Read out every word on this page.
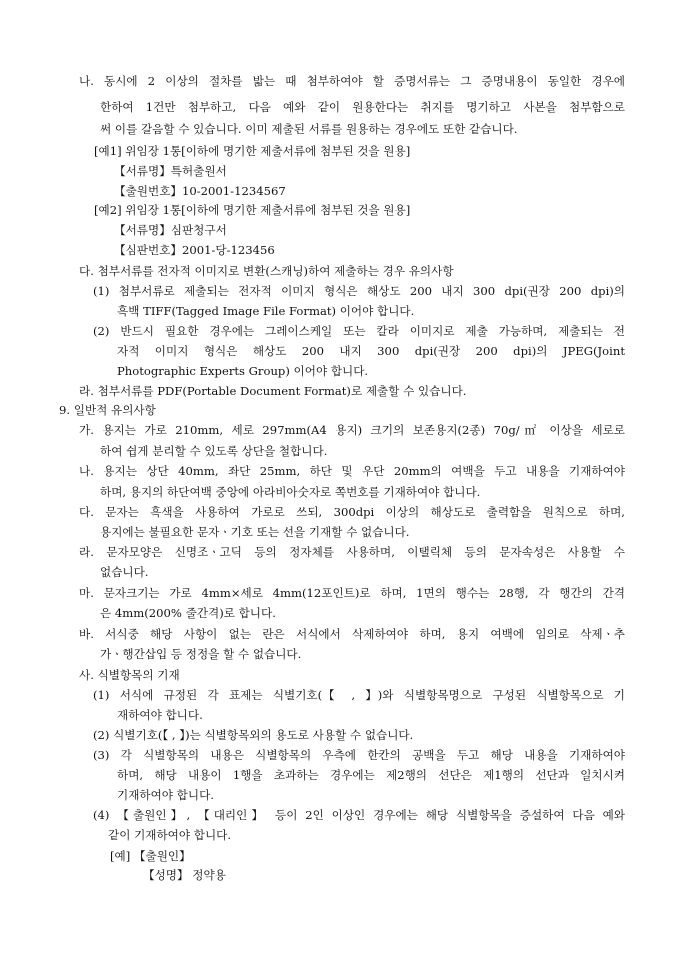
나. 동시에 2 이상의 절차를 밟는 때 첨부하여야 할 증명서류는 그 증명내용이 동일한 경우에
한하여 1건만 첨부하고, 다음 예와 같이 원용한다는 취지를 명기하고 사본을 첨부함으로
써 이를 갈음할 수 있습니다. 이미 제출된 서류를 원용하는 경우에도 또한 같습니다.
[예1] 위임장 1통[이하에 명기한 제출서류에 첨부된 것을 원용]
【서류명】특허출원서
【출원번호】10-2001-1234567
[예2] 위임장 1통[이하에 명기한 제출서류에 첨부된 것을 원용]
【서류명】심판청구서
【심판번호】2001-당-123456
다. 첨부서류를 전자적 이미지로 변환(스캐닝)하여 제출하는 경우 유의사항
(1) 첨부서류로 제출되는 전자적 이미지 형식은 해상도 200 내지 300 dpi(권장 200 dpi)의
흑백 TIFF(Tagged Image File Format) 이어야 합니다.
(2) 반드시 필요한 경우에는 그레이스케일 또는 칼라 이미지로 제출 가능하며, 제출되는 전
자적 이미지 형식은 해상도 200 내지 300 dpi(권장 200 dpi)의 JPEG(Joint
Photographic Experts Group) 이어야 합니다.
라. 첨부서류를 PDF(Portable Document Format)로 제출할 수 있습니다.
9. 일반적 유의사항
가. 용지는 가로 210mm, 세로 297mm(A4 용지) 크기의 보존용지(2종) 70g/㎡ 이상을 세로로
하여 쉽게 분리할 수 있도록 상단을 철합니다.
나. 용지는 상단 40mm, 좌단 25mm, 하단 및 우단 20mm의 여백을 두고 내용을 기재하여야
하며, 용지의 하단여백 중앙에 아라비아숫자로 쪽번호를 기재하여야 합니다.
다. 문자는 흑색을 사용하여 가로로 쓰되, 300dpi 이상의 해상도로 출력함을 원칙으로 하며,
용지에는 불필요한 문자ㆍ기호 또는 선을 기재할 수 없습니다.
라. 문자모양은 신명조ㆍ고딕 등의 정자체를 사용하며, 이탤릭체 등의 문자속성은 사용할 수
없습니다.
마. 문자크기는 가로 4mm×세로 4mm(12포인트)로 하며, 1면의 행수는 28행, 각 행간의 간격
은 4mm(200% 줄간격)로 합니다.
바. 서식중 해당 사항이 없는 란은 서식에서 삭제하여야 하며, 용지 여백에 임의로 삭제ㆍ추
가ㆍ행간삽입 등 정정을 할 수 없습니다.
사. 식별항목의 기재
(1) 서식에 규정된 각 표제는 식별기호(【 , 】)와 식별항목명으로 구성된 식별항목으로 기
재하여야 합니다.
(2) 식별기호(【 , 】)는 식별항목외의 용도로 사용할 수 없습니다.
(3) 각 식별항목의 내용은 식별항목의 우측에 한칸의 공백을 두고 해당 내용을 기재하여야
하며, 해당 내용이 1행을 초과하는 경우에는 제2행의 선단은 제1행의 선단과 일치시켜
기재하여야 합니다.
(4) 【출원인】, 【대리인】 등이 2인 이상인 경우에는 해당 식별항목을 증설하여 다음 예와
같이 기재하여야 합니다.
[예] 【출원인】
【성명】 정약용
